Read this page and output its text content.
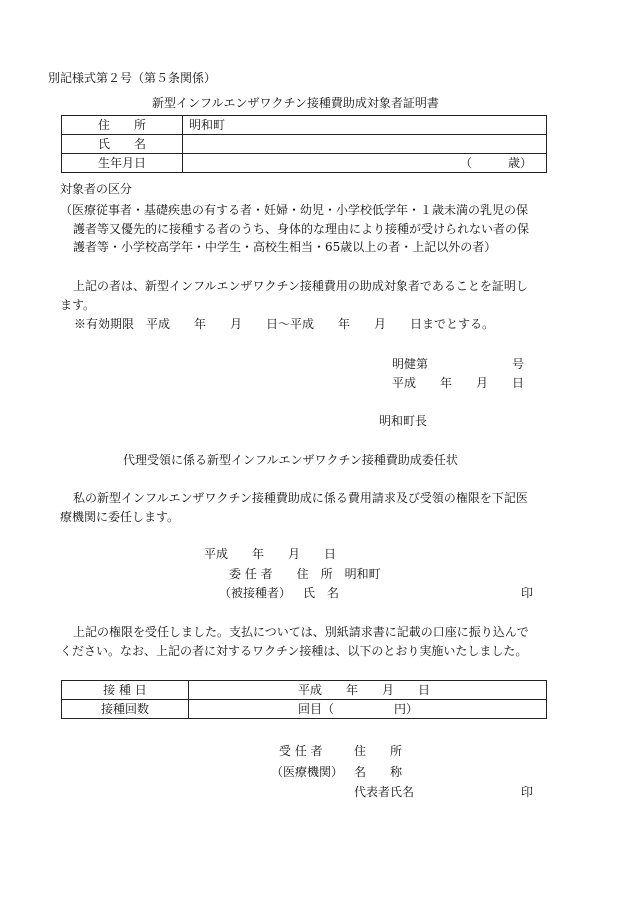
別記様式第２号（第５条関係）
新型インフルエンザワクチン接種費助成対象者証明書
住　　所	明和町
氏　　名	
生年月日	（　　　歳）
対象者の区分
（医療従事者・基礎疾患の有する者・妊婦・幼児・小学校低学年・１歳未満の乳児の保
護者等又優先的に接種する者のうち、身体的な理由により接種が受けられない者の保
護者等・小学校高学年・中学生・高校生相当・65歳以上の者・上記以外の者）
上記の者は、新型インフルエンザワクチン接種費用の助成対象者であることを証明し
ます。
※有効期限　平成　　年　　月　　日〜平成　　年　　月　　日までとする。
明健第　　　　　　　号
平成　　年　　月　　日
明和町長
代理受領に係る新型インフルエンザワクチン接種費助成委任状
私の新型インフルエンザワクチン接種費助成に係る費用請求及び受領の権限を下記医
療機関に委任します。
平成　　年　　月　　日
委 任 者　　住　所　明和町
（被接種者） 氏　名	印
上記の権限を受任しました。支払については、別紙請求書に記載の口座に振り込んで
ください。なお、上記の者に対するワクチン接種は、以下のとおり実施いたしました。
接 種 日	平成　　年　　月　　日
接種回数	回目（　　　　　円）
受 任 者	住　　所
（医療機関） 名　　称
代表者氏名	印
